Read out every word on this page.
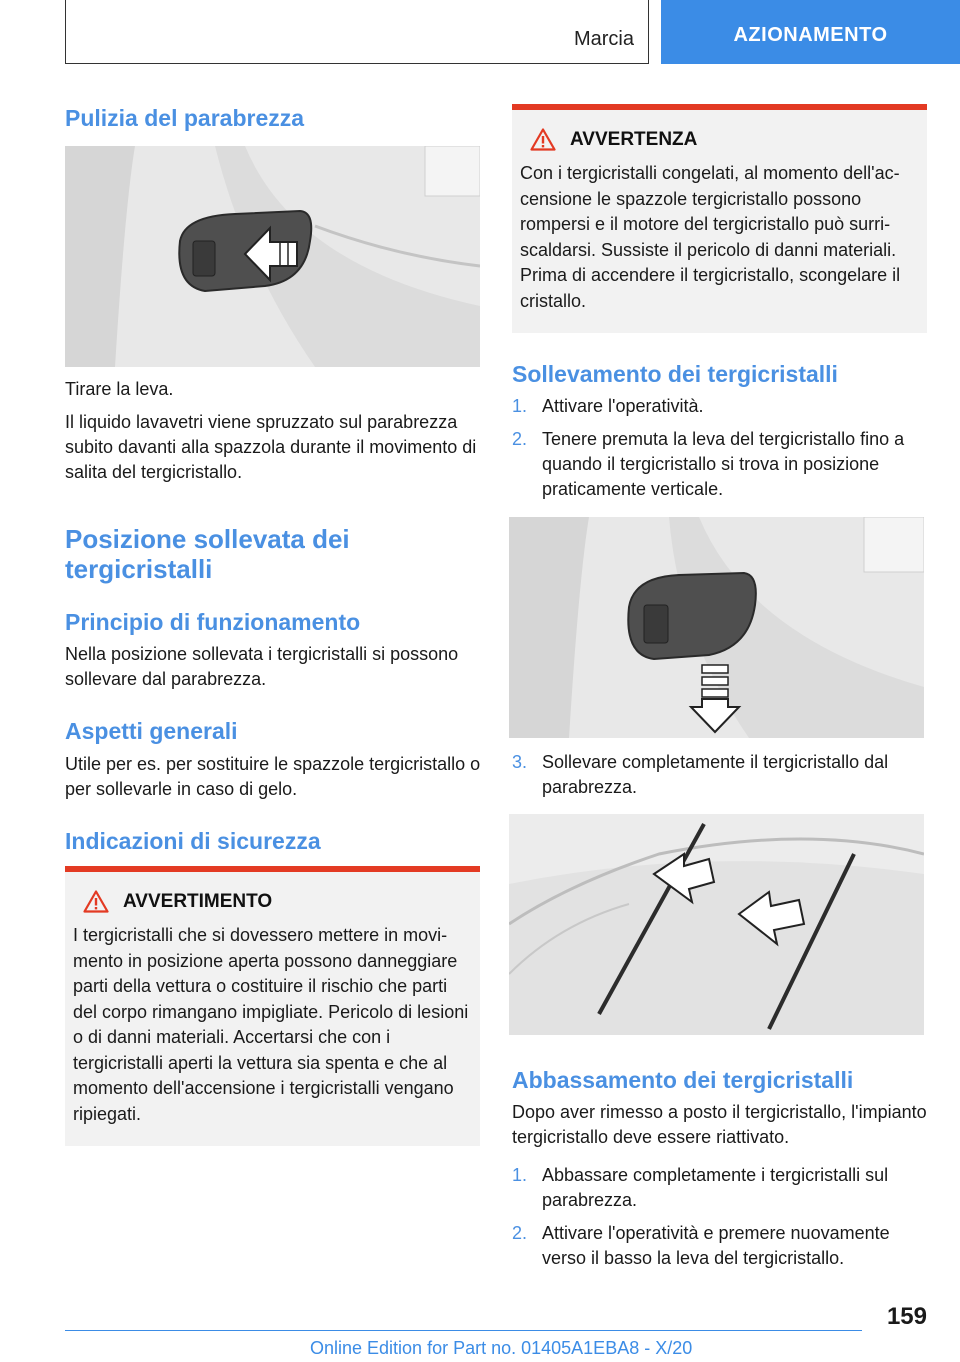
Marcia	AZIONAMENTO
Pulizia del parabrezza

Tirare la leva.

Il liquido lavavetri viene spruzzato sul parabrezza subito davanti alla spazzola durante il movimento di salita del tergicristallo.

Posizione sollevata dei tergicristalli
Principio di funzionamento

Nella posizione sollevata i tergicristalli si possono sollevare dal parabrezza.

Aspetti generali

Utile per es. per sostituire le spazzole tergicristallo o per sollevarle in caso di gelo.

Indicazioni di sicurezza
AVVERTIMENTO

I tergicristalli che si dovessero mettere in movimento in posizione aperta possono danneggiare parti della vettura o costituire il rischio che parti del corpo rimangano impigliate. Pericolo di lesioni o di danni materiali. Accertarsi che con i tergicristalli aperti la vettura sia spenta e che al momento dell'accensione i tergicristalli vengano ripiegati.

AVVERTENZA

Con i tergicristalli congelati, al momento dell'accensione le spazzole tergicristallo possono rompersi e il motore del tergicristallo può surriscaldarsi. Sussiste il pericolo di danni materiali. Prima di accendere il tergicristallo, scongelare il cristallo.

Sollevamento dei tergicristalli
1. Attivare l'operatività.
2. Tenere premuta la leva del tergicristallo fino a quando il tergicristallo si trova in posizione praticamente verticale.
3. Sollevare completamente il tergicristallo dal parabrezza.
Abbassamento dei tergicristalli

Dopo aver rimesso a posto il tergicristallo, l'impianto tergicristallo deve essere riattivato.

1. Abbassare completamente i tergicristalli sul parabrezza.
2. Attivare l'operatività e premere nuovamente verso il basso la leva del tergicristallo.
159
Online Edition for Part no. 01405A1EBA8 - X/20
